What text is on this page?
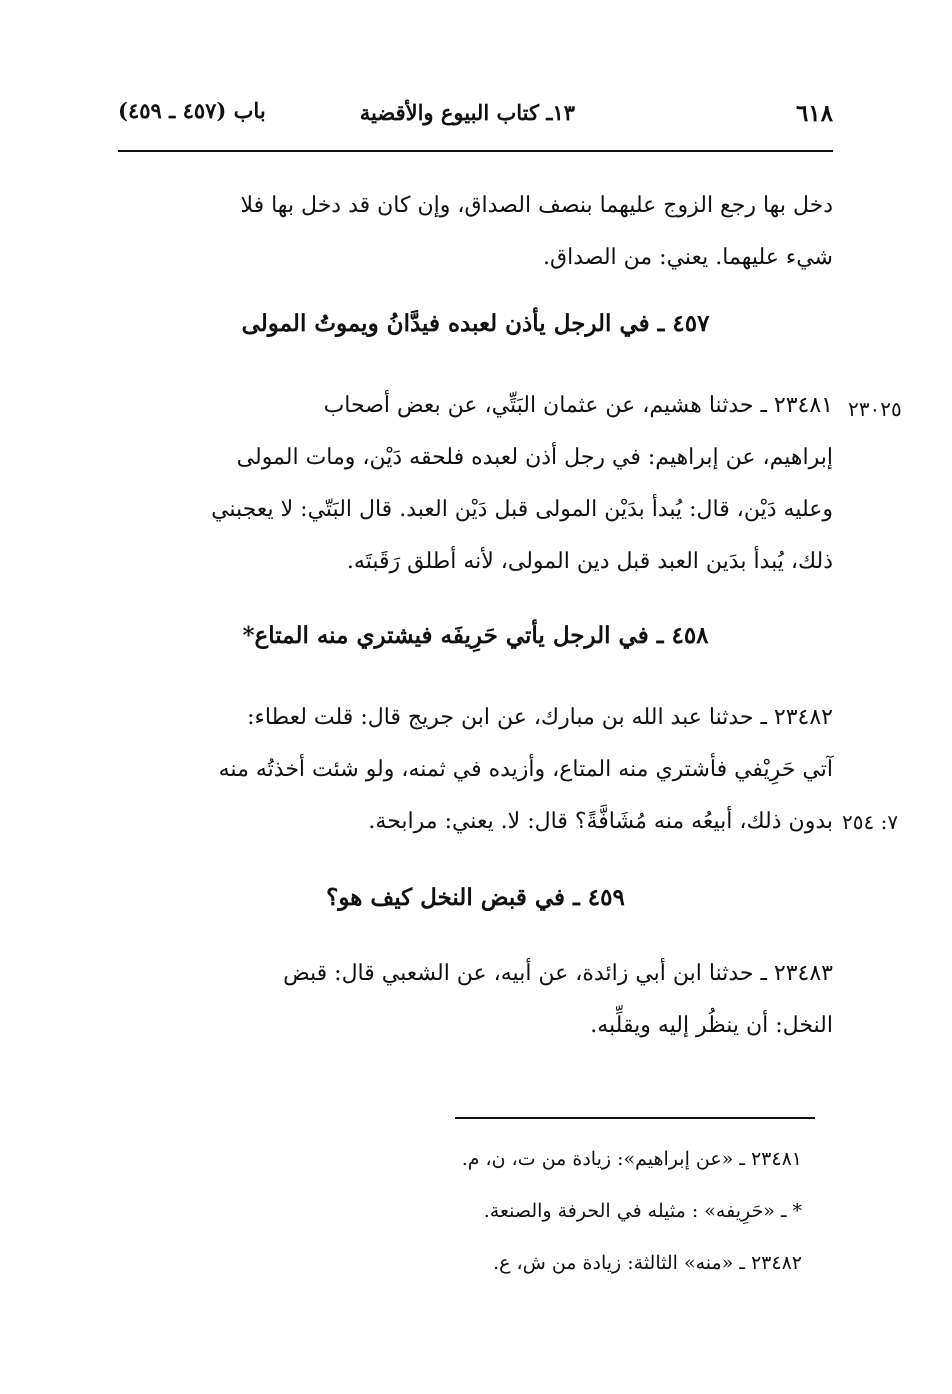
٦١٨
١٣ـ كتاب البيوع والأقضية
باب (٤٥٧ ـ ٤٥٩)
دخل بها رجع الزوج عليهما بنصف الصداق، وإن كان قد دخل بها فلا
شيء عليهما. يعني: من الصداق.
٤٥٧ ـ في الرجل يأذن لعبده فيدَّانُ ويموتُ المولى
٢٣٠٢٥
٢٣٤٨١ ـ حدثنا هشيم، عن عثمان البَتِّي، عن بعض أصحاب
إبراهيم، عن إبراهيم: في رجل أذن لعبده فلحقه دَيْن، ومات المولى
وعليه دَيْن، قال: يُبدأ بدَيْن المولى قبل دَيْن العبد. قال البَتّي: لا يعجبني
ذلك، يُبدأ بدَين العبد قبل دين المولى، لأنه أطلق رَقَبتَه.
٤٥٨ ـ في الرجل يأتي حَرِيفَه فيشتري منه المتاع*
٢٣٤٨٢ ـ حدثنا عبد الله بن مبارك، عن ابن جريج قال: قلت لعطاء:
آتي حَرِيْفي فأشتري منه المتاع، وأزيده في ثمنه، ولو شئت أخذتُه منه
بدون ذلك، أبيعُه منه مُشَافَّةً؟ قال: لا. يعني: مرابحة. ٧: ٢٥٤
٤٥٩ ـ في قبض النخل كيف هو؟
٢٣٤٨٣ ـ حدثنا ابن أبي زائدة، عن أبيه، عن الشعبي قال: قبض
النخل: أن ينظُر إليه ويقلِّبه.
٢٣٤٨١ ـ «عن إبراهيم»: زيادة من ت، ن، م.
* ـ «حَرِيفه» : مثيله في الحرفة والصنعة.
٢٣٤٨٢ ـ «منه» الثالثة: زيادة من ش، ع.
